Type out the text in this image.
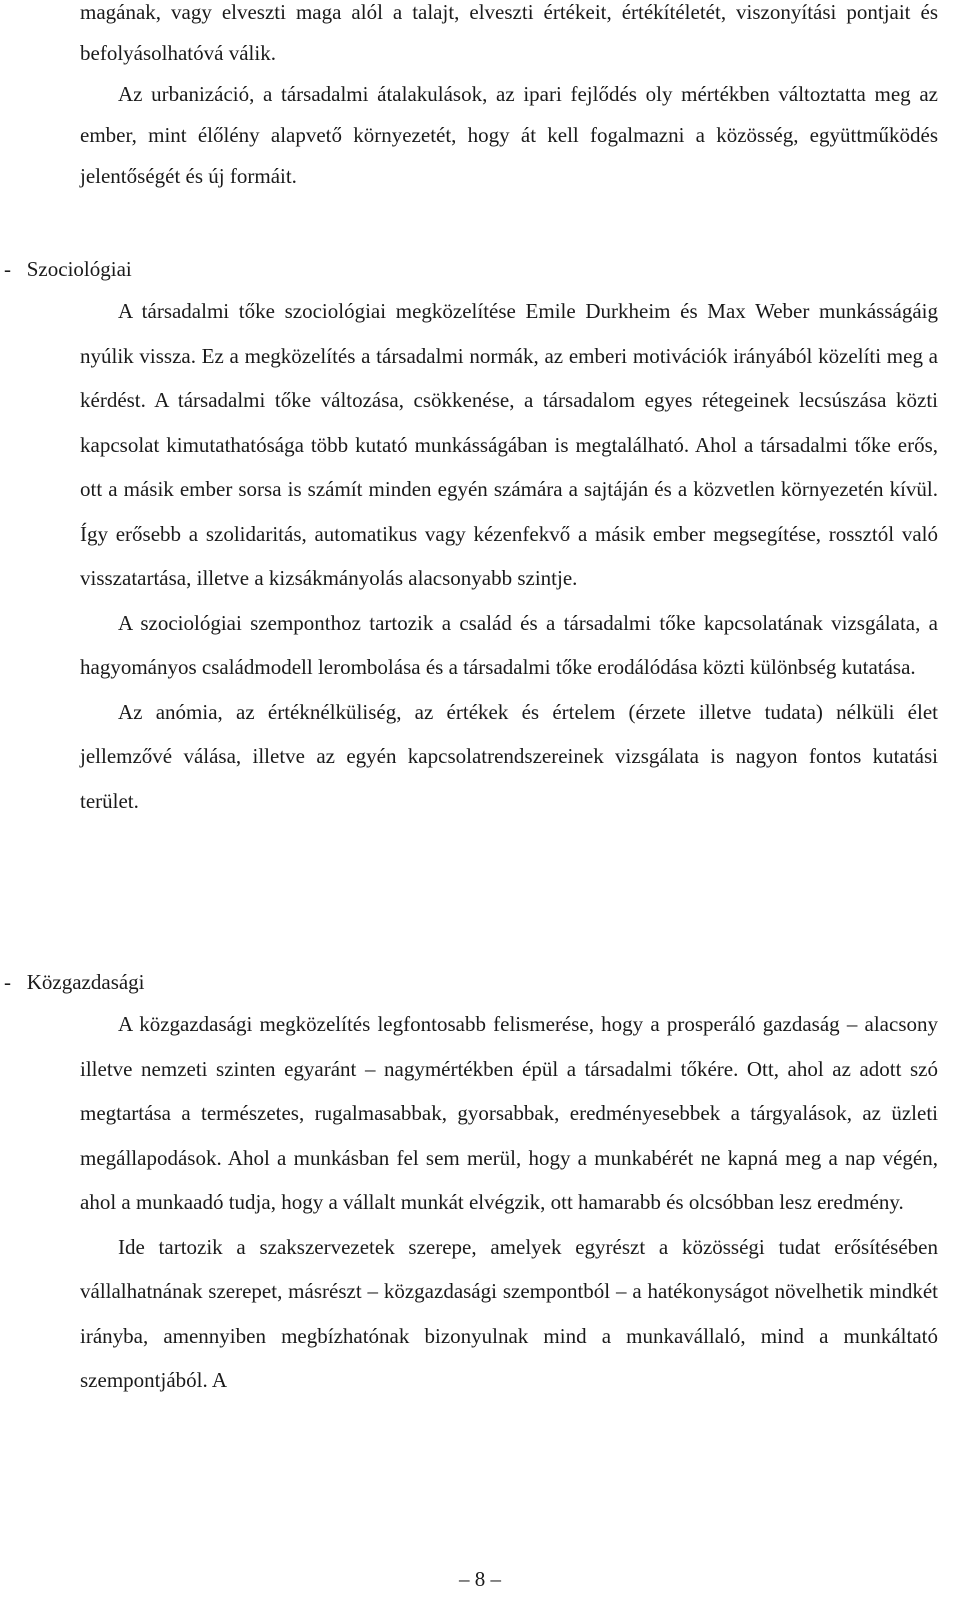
magának, vagy elveszti maga alól a talajt, elveszti értékeit, értékítéletét, viszonyítási pontjait és befolyásolhatóvá válik.

Az urbanizáció, a társadalmi átalakulások, az ipari fejlődés oly mértékben változtatta meg az ember, mint élőlény alapvető környezetét, hogy át kell fogalmazni a közösség, együttműködés jelentőségét és új formáit.

-   Szociológiai

A társadalmi tőke szociológiai megközelítése Emile Durkheim és Max Weber munkásságáig nyúlik vissza. Ez a megközelítés a társadalmi normák, az emberi motivációk irányából közelíti meg a kérdést. A társadalmi tőke változása, csökkenése, a társadalom egyes rétegeinek lecsúszása közti kapcsolat kimutathatósága több kutató munkásságában is megtalálható. Ahol a társadalmi tőke erős, ott a másik ember sorsa is számít minden egyén számára a sajtáján és a közvetlen környezetén kívül. Így erősebb a szolidaritás, automatikus vagy kézenfekvő a másik ember megsegítése, rossztól való visszatartása, illetve a kizsákmányolás alacsonyabb szintje.

A szociológiai szemponthoz tartozik a család és a társadalmi tőke kapcsolatának vizsgálata, a hagyományos családmodell lerombolása és a társadalmi tőke erodálódása közti különbség kutatása.

Az anómia, az értéknélküliség, az értékek és értelem (érzete illetve tudata) nélküli élet jellemzővé válása, illetve az egyén kapcsolatrendszereinek vizsgálata is nagyon fontos kutatási terület.

-   Közgazdasági

A közgazdasági megközelítés legfontosabb felismerése, hogy a prosperáló gazdaság – alacsony illetve nemzeti szinten egyaránt – nagymértékben épül a társadalmi tőkére. Ott, ahol az adott szó megtartása a természetes, rugalmasabbak, gyorsabbak, eredményesebbek a tárgyalások, az üzleti megállapodások. Ahol a munkásban fel sem merül, hogy a munkabérét ne kapná meg a nap végén, ahol a munkaadó tudja, hogy a vállalt munkát elvégzik, ott hamarabb és olcsóbban lesz eredmény.

Ide tartozik a szakszervezetek szerepe, amelyek egyrészt a közösségi tudat erősítésében vállalhatnának szerepet, másrészt – közgazdasági szempontból – a hatékonyságot növelhetik mindkét irányba, amennyiben megbízhatónak bizonyulnak mind a munkavállaló, mind a munkáltató szempontjából. A

– 8 –
